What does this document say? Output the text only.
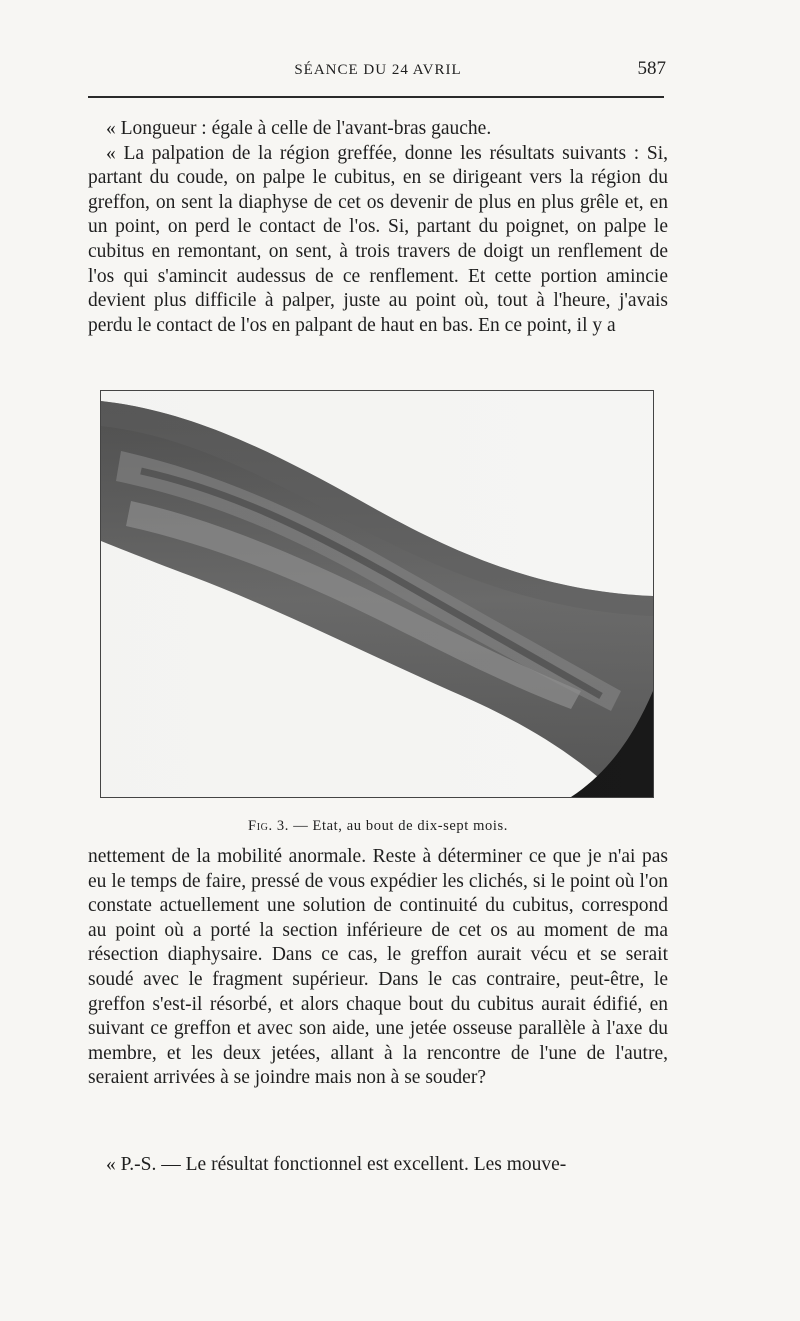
SÉANCE DU 24 AVRIL	587

« Longueur : égale à celle de l'avant-bras gauche.

« La palpation de la région greffée, donne les résultats suivants : Si, partant du coude, on palpe le cubitus, en se dirigeant vers la région du greffon, on sent la diaphyse de cet os devenir de plus en plus grêle et, en un point, on perd le contact de l'os. Si, partant du poignet, on palpe le cubitus en remontant, on sent, à trois travers de doigt un renflement de l'os qui s'amincit audessus de ce renflement. Et cette portion amincie devient plus difficile à palper, juste au point où, tout à l'heure, j'avais perdu le contact de l'os en palpant de haut en bas. En ce point, il y a

Fig. 3. — Etat, au bout de dix-sept mois.

nettement de la mobilité anormale. Reste à déterminer ce que je n'ai pas eu le temps de faire, pressé de vous expédier les clichés, si le point où l'on constate actuellement une solution de continuité du cubitus, correspond au point où a porté la section inférieure de cet os au moment de ma résection diaphysaire. Dans ce cas, le greffon aurait vécu et se serait soudé avec le fragment supérieur. Dans le cas contraire, peut-être, le greffon s'est-il résorbé, et alors chaque bout du cubitus aurait édifié, en suivant ce greffon et avec son aide, une jetée osseuse parallèle à l'axe du membre, et les deux jetées, allant à la rencontre de l'une de l'autre, seraient arrivées à se joindre mais non à se souder?

« P.-S. — Le résultat fonctionnel est excellent. Les mouve-
